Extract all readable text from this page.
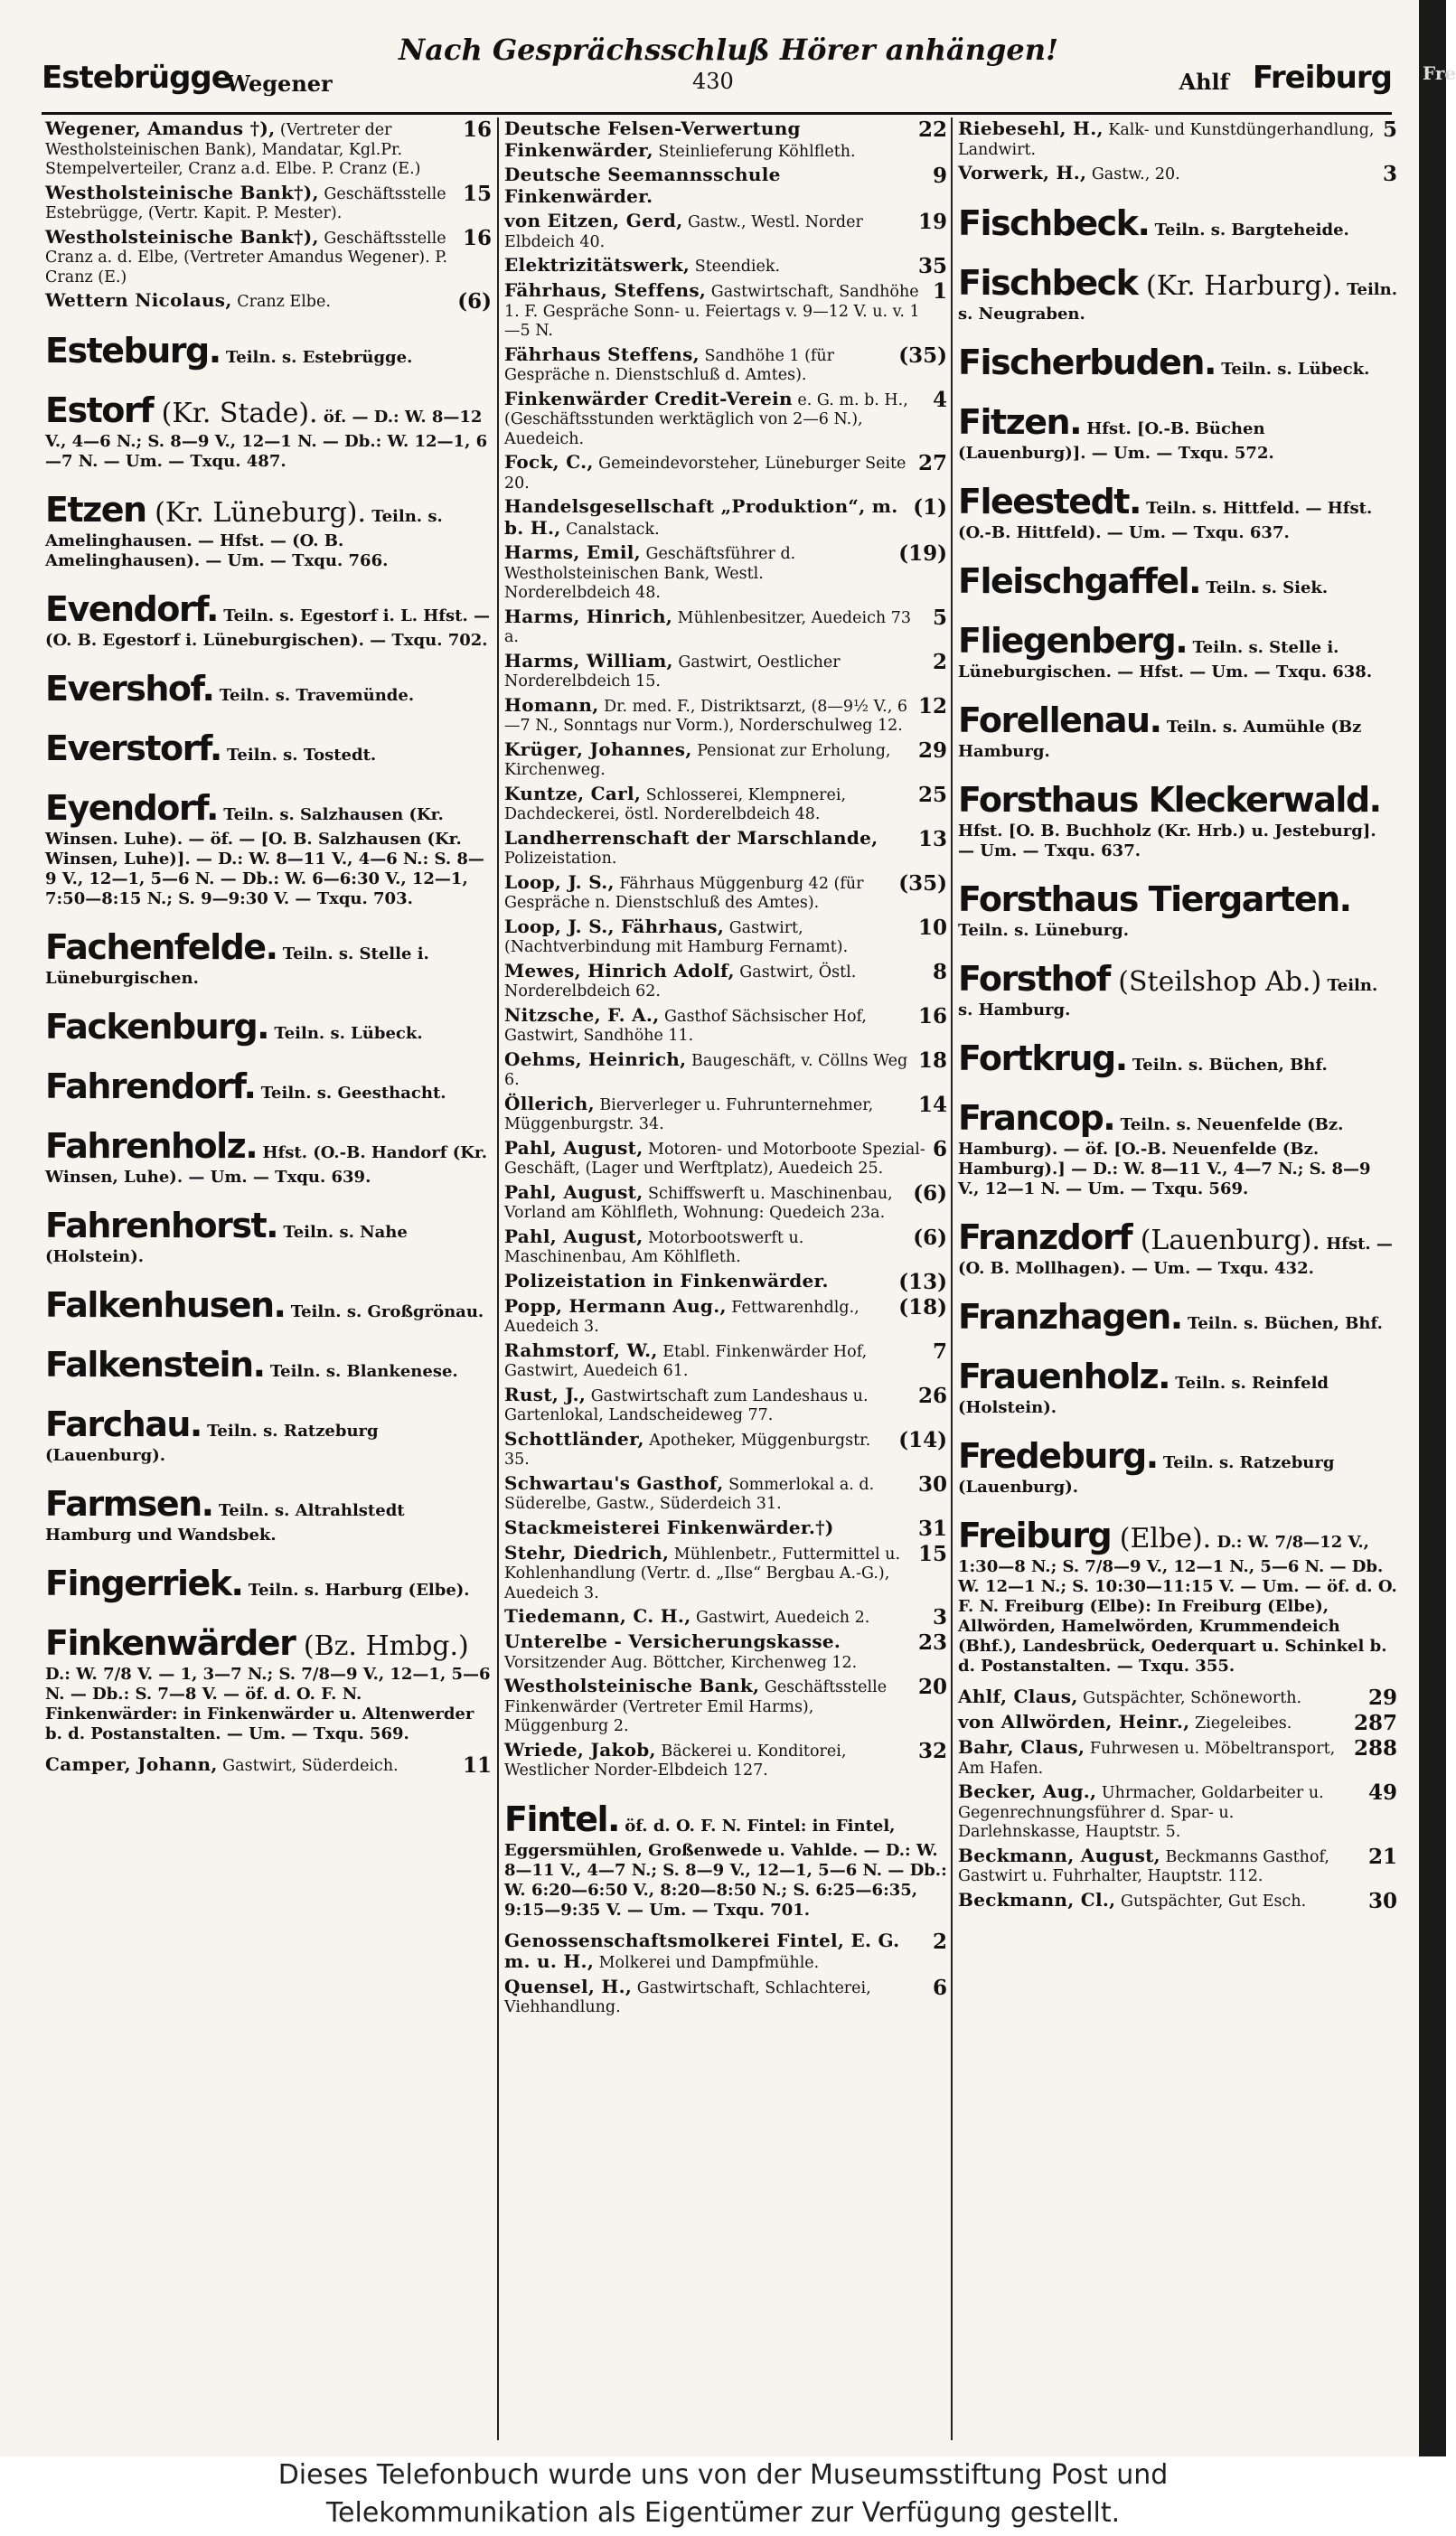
Estebrügge
Wegener
Nach Gesprächsschluß Hörer anhängen!
430	Ahlf Freiburg
16
Wegener, Amandus †), (Vertreter der Westholsteinischen Bank), Mandatar, Kgl.Pr. Stempelverteiler, Cranz a.d. Elbe. P. Cranz (E.)
15
Westholsteinische Bank†), Geschäftsstelle Estebrügge, (Vertr. Kapit. P. Mester).
16
Westholsteinische Bank†), Geschäftsstelle Cranz a. d. Elbe, (Vertreter Amandus Wegener). P. Cranz (E.)
(6)
Wettern Nicolaus, Cranz Elbe.
Esteburg. Teiln. s. Estebrügge.
Estorf (Kr. Stade). öf. — D.: W. 8—12 V., 4—6 N.; S. 8—9 V., 12—1 N. — Db.: W. 12—1, 6—7 N. — Um. — Txqu. 487.
Etzen (Kr. Lüneburg). Teiln. s. Amelinghausen. — Hfst. — (O. B. Amelinghausen). — Um. — Txqu. 766.
Evendorf. Teiln. s. Egestorf i. L. Hfst. — (O. B. Egestorf i. Lüneburgischen). — Txqu. 702.
Evershof. Teiln. s. Travemünde.
Everstorf. Teiln. s. Tostedt.
Eyendorf. Teiln. s. Salzhausen (Kr. Winsen. Luhe). — öf. — [O. B. Salzhausen (Kr. Winsen, Luhe)]. — D.: W. 8—11 V., 4—6 N.: S. 8—9 V., 12—1, 5—6 N. — Db.: W. 6—6:30 V., 12—1, 7:50—8:15 N.; S. 9—9:30 V. — Txqu. 703.
Fachenfelde. Teiln. s. Stelle i. Lüneburgischen.
Fackenburg. Teiln. s. Lübeck.
Fahrendorf. Teiln. s. Geesthacht.
Fahrenholz. Hfst. (O.-B. Handorf (Kr. Winsen, Luhe). — Um. — Txqu. 639.
Fahrenhorst. Teiln. s. Nahe (Holstein).
Falkenhusen. Teiln. s. Großgrönau.
Falkenstein. Teiln. s. Blankenese.
Farchau. Teiln. s. Ratzeburg (Lauenburg).
Farmsen. Teiln. s. Altrahlstedt Hamburg und Wandsbek.
Fingerriek. Teiln. s. Harburg (Elbe).
Finkenwärder (Bz. Hmbg.) D.: W. 7/8 V. — 1, 3—7 N.; S. 7/8—9 V., 12—1, 5—6 N. — Db.: S. 7—8 V. — öf. d. O. F. N. Finkenwärder: in Finkenwärder u. Altenwerder b. d. Postanstalten. — Um. — Txqu. 569.
11
Camper, Johann, Gastwirt, Süderdeich.
22
Deutsche Felsen-Verwertung Finkenwärder, Steinlieferung Köhlfleth.
9
Deutsche Seemannsschule Finkenwärder.
19
von Eitzen, Gerd, Gastw., Westl. Norder Elbdeich 40.
35
Elektrizitätswerk, Steendiek.
1
Fährhaus, Steffens, Gastwirtschaft, Sandhöhe 1. F. Gespräche Sonn- u. Feiertags v. 9—12 V. u. v. 1—5 N.
(35)
Fährhaus Steffens, Sandhöhe 1 (für Gespräche n. Dienstschluß d. Amtes).
4
Finkenwärder Credit-Verein e. G. m. b. H., (Geschäftsstunden werktäglich von 2—6 N.), Auedeich.
27
Fock, C., Gemeindevorsteher, Lüneburger Seite 20.
(1)
Handelsgesellschaft „Produktion“, m. b. H., Canalstack.
(19)
Harms, Emil, Geschäftsführer d. Westholsteinischen Bank, Westl. Norderelbdeich 48.
5
Harms, Hinrich, Mühlenbesitzer, Auedeich 73 a.
2
Harms, William, Gastwirt, Oestlicher Norderelbdeich 15.
12
Homann, Dr. med. F., Distriktsarzt, (8—9½ V., 6—7 N., Sonntags nur Vorm.), Norderschulweg 12.
29
Krüger, Johannes, Pensionat zur Erholung, Kirchenweg.
25
Kuntze, Carl, Schlosserei, Klempnerei, Dachdeckerei, östl. Norderelbdeich 48.
13
Landherrenschaft der Marschlande, Polizeistation.
(35)
Loop, J. S., Fährhaus Müggenburg 42 (für Gespräche n. Dienstschluß des Amtes).
10
Loop, J. S., Fährhaus, Gastwirt, (Nachtverbindung mit Hamburg Fernamt).
8
Mewes, Hinrich Adolf, Gastwirt, Östl. Norderelbdeich 62.
16
Nitzsche, F. A., Gasthof Sächsischer Hof, Gastwirt, Sandhöhe 11.
18
Oehms, Heinrich, Baugeschäft, v. Cöllns Weg 6.
14
Öllerich, Bierverleger u. Fuhrunternehmer, Müggenburgstr. 34.
6
Pahl, August, Motoren- und Motorboote Spezial-Geschäft, (Lager und Werftplatz), Auedeich 25.
(6)
Pahl, August, Schiffswerft u. Maschinenbau, Vorland am Köhlfleth, Wohnung: Quedeich 23a.
(6)
Pahl, August, Motorbootswerft u. Maschinenbau, Am Köhlfleth.
(13)
Polizeistation in Finkenwärder.
(18)
Popp, Hermann Aug., Fettwarenhdlg., Auedeich 3.
7
Rahmstorf, W., Etabl. Finkenwärder Hof, Gastwirt, Auedeich 61.
26
Rust, J., Gastwirtschaft zum Landeshaus u. Gartenlokal, Landscheideweg 77.
(14)
Schottländer, Apotheker, Müggenburgstr. 35.
30
Schwartau's Gasthof, Sommerlokal a. d. Süderelbe, Gastw., Süderdeich 31.
31
Stackmeisterei Finkenwärder.†)
15
Stehr, Diedrich, Mühlenbetr., Futtermittel u. Kohlenhandlung (Vertr. d. „Ilse“ Bergbau A.-G.), Auedeich 3.
3
Tiedemann, C. H., Gastwirt, Auedeich 2.
23
Unterelbe - Versicherungskasse. Vorsitzender Aug. Böttcher, Kirchenweg 12.
20
Westholsteinische Bank, Geschäftsstelle Finkenwärder (Vertreter Emil Harms), Müggenburg 2.
32
Wriede, Jakob, Bäckerei u. Konditorei, Westlicher Norder-Elbdeich 127.
Fintel. öf. d. O. F. N. Fintel: in Fintel, Eggersmühlen, Großenwede u. Vahlde. — D.: W. 8—11 V., 4—7 N.; S. 8—9 V., 12—1, 5—6 N. — Db.: W. 6:20—6:50 V., 8:20—8:50 N.; S. 6:25—6:35, 9:15—9:35 V. — Um. — Txqu. 701.
2
Genossenschaftsmolkerei Fintel, E. G. m. u. H., Molkerei und Dampfmühle.
6
Quensel, H., Gastwirtschaft, Schlachterei, Viehhandlung.
5
Riebesehl, H., Kalk- und Kunstdüngerhandlung, Landwirt.
3
Vorwerk, H., Gastw., 20.
Fischbeck. Teiln. s. Bargteheide.
Fischbeck (Kr. Harburg). Teiln. s. Neugraben.
Fischerbuden. Teiln. s. Lübeck.
Fitzen. Hfst. [O.-B. Büchen (Lauenburg)]. — Um. — Txqu. 572.
Fleestedt. Teiln. s. Hittfeld. — Hfst. (O.-B. Hittfeld). — Um. — Txqu. 637.
Fleischgaffel. Teiln. s. Siek.
Fliegenberg. Teiln. s. Stelle i. Lüneburgischen. — Hfst. — Um. — Txqu. 638.
Forellenau. Teiln. s. Aumühle (Bz Hamburg.
Forsthaus Kleckerwald. Hfst. [O. B. Buchholz (Kr. Hrb.) u. Jesteburg]. — Um. — Txqu. 637.
Forsthaus Tiergarten. Teiln. s. Lüneburg.
Forsthof (Steilshop Ab.) Teiln. s. Hamburg.
Fortkrug. Teiln. s. Büchen, Bhf.
Francop. Teiln. s. Neuenfelde (Bz. Hamburg). — öf. [O.-B. Neuenfelde (Bz. Hamburg).] — D.: W. 8—11 V., 4—7 N.; S. 8—9 V., 12—1 N. — Um. — Txqu. 569.
Franzdorf (Lauenburg). Hfst. — (O. B. Mollhagen). — Um. — Txqu. 432.
Franzhagen. Teiln. s. Büchen, Bhf.
Frauenholz. Teiln. s. Reinfeld (Holstein).
Fredeburg. Teiln. s. Ratzeburg (Lauenburg).
Freiburg (Elbe). D.: W. 7/8—12 V., 1:30—8 N.; S. 7/8—9 V., 12—1 N., 5—6 N. — Db. W. 12—1 N.; S. 10:30—11:15 V. — Um. — öf. d. O. F. N. Freiburg (Elbe): In Freiburg (Elbe), Allwörden, Hamelwörden, Krummendeich (Bhf.), Landesbrück, Oederquart u. Schinkel b. d. Postanstalten. — Txqu. 355.
29
Ahlf, Claus, Gutspächter, Schöneworth.
287
von Allwörden, Heinr., Ziegeleibes.
288
Bahr, Claus, Fuhrwesen u. Möbeltransport, Am Hafen.
49
Becker, Aug., Uhrmacher, Goldarbeiter u. Gegenrechnungsführer d. Spar- u. Darlehnskasse, Hauptstr. 5.
21
Beckmann, August, Beckmanns Gasthof, Gastwirt u. Fuhrhalter, Hauptstr. 112.
30
Beckmann, Cl., Gutspächter, Gut Esch.
Fre
Dieses Telefonbuch wurde uns von der Museumsstiftung Post und
Telekommunikation als Eigentümer zur Verfügung gestellt.
